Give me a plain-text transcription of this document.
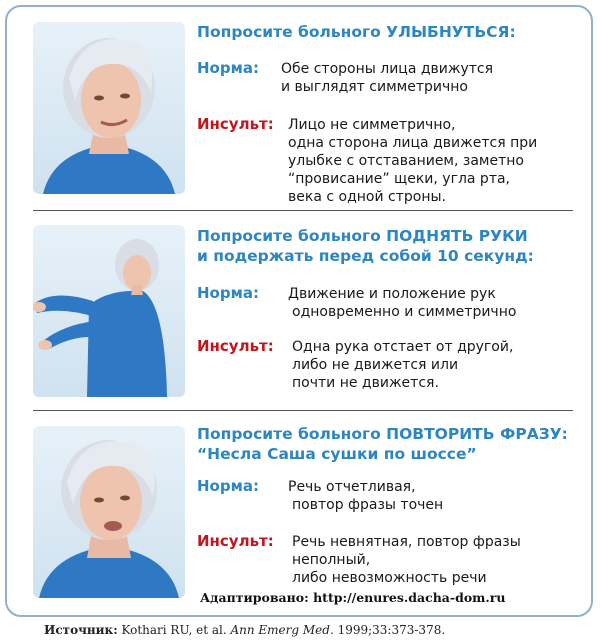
Попросите больного УЛЫБНУТЬСЯ:
Норма: Обе стороны лица движутся
и выглядят симметрично
Инсульт: Лицо не симметрично,
одна сторона лица движется при
улыбке с отставанием, заметно
“провисание” щеки, угла рта,
века с одной строны.
Попросите больного ПОДНЯТЬ РУКИ
и подержать перед собой 10 секунд:
Норма: Движение и положение рук
одновременно и симметрично
Инсульт: Одна рука отстает от другой,
либо не движется или
почти не движется.
Попросите больного ПОВТОРИТЬ ФРАЗУ:
“Несла Саша сушки по шоссе”
Норма: Речь отчетливая,
повтор фразы точен
Инсульт: Речь невнятная, повтор фразы
неполный,
либо невозможность речи
Адаптировано: http://enures.dacha-dom.ru
Источник: Kothari RU, et al. Ann Emerg Med. 1999;33:373-378.
